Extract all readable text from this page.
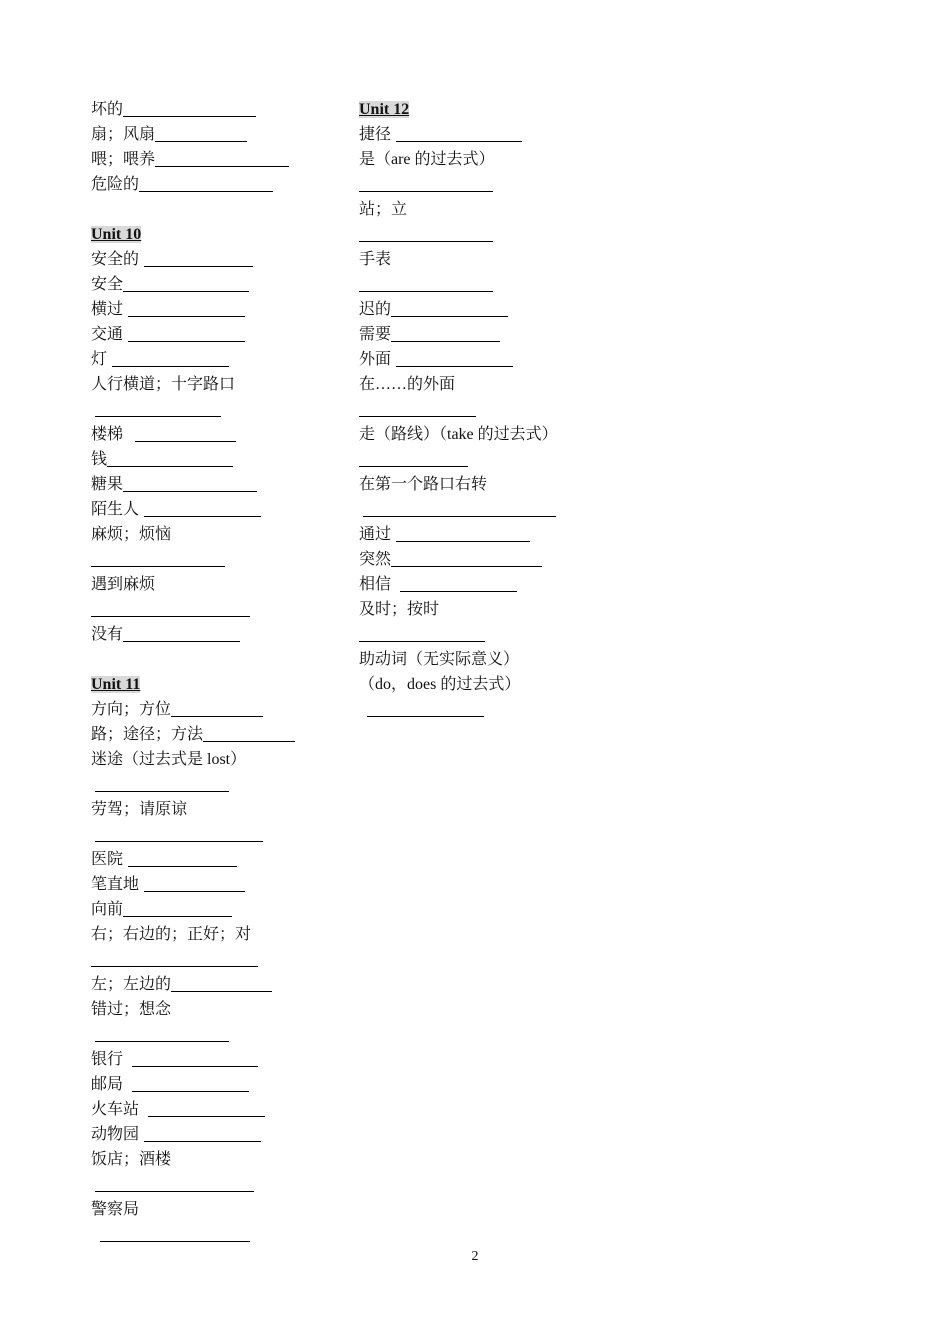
坏的
扇；风扇
喂；喂养
危险的
Unit 10
安全的
安全
横过
交通
灯
人行横道；十字路口
楼梯
钱
糖果
陌生人
麻烦；烦恼
遇到麻烦
没有
Unit 11
方向；方位
路；途径；方法
迷途（过去式是 lost）
劳驾；请原谅
医院
笔直地
向前
右；右边的；正好；对
左；左边的
错过；想念
银行
邮局
火车站
动物园
饭店；酒楼
警察局
Unit 12
捷径
是（are 的过去式）
站；立
手表
迟的
需要
外面
在……的外面
走（路线）（take 的过去式）
在第一个路口右转
通过
突然
相信
及时；按时
助动词（无实际意义）
（do，does 的过去式）
2
